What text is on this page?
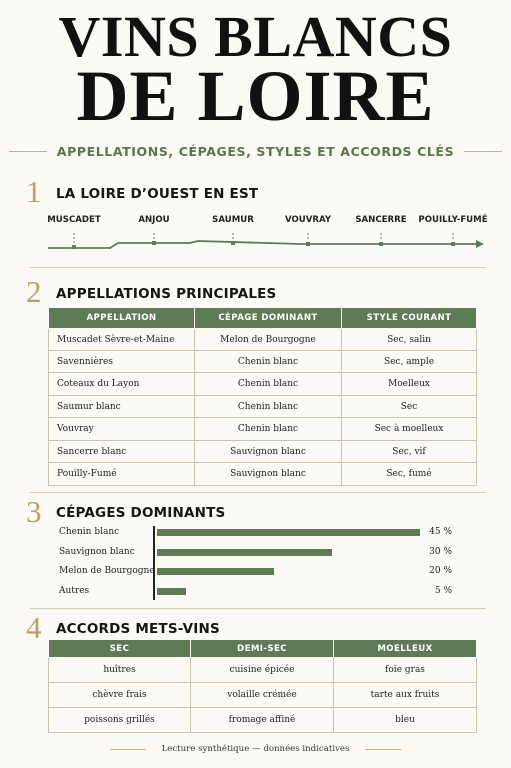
VINS BLANCS
DE LOIRE
APPELLATIONS, CÉPAGES, STYLES ET ACCORDS CLÉS
1 LA LOIRE D’OUEST EN EST
MUSCADET	ANJOU	SAUMUR	VOUVRAY	SANCERRE POUILLY-FUMÉ
2 APPELLATIONS PRINCIPALES
APPELLATION	CÉPAGE DOMINANT	STYLE COURANT
Muscadet Sèvre-et-Maine	Melon de Bourgogne	Sec, salin
Savennières	Chenin blanc	Sec, ample
Coteaux du Layon	Chenin blanc	Moelleux
Saumur blanc	Chenin blanc	Sec
Vouvray	Chenin blanc	Sec à moelleux
Sancerre blanc	Sauvignon blanc	Sec, vif
Pouilly-Fumé	Sauvignon blanc	Sec, fumé
3 CÉPAGES DOMINANTS
Chenin blanc	45 %
Sauvignon blanc	30 %
Melon de Bourgogne	20 %
Autres	5 %
4 ACCORDS METS-VINS
SEC	DEMI-SEC	MOELLEUX
huîtres	cuisine épicée	foie gras
chèvre frais	volaille crémée	tarte aux fruits
poissons grillés	fromage affiné	bleu
Lecture synthétique — données indicatives
